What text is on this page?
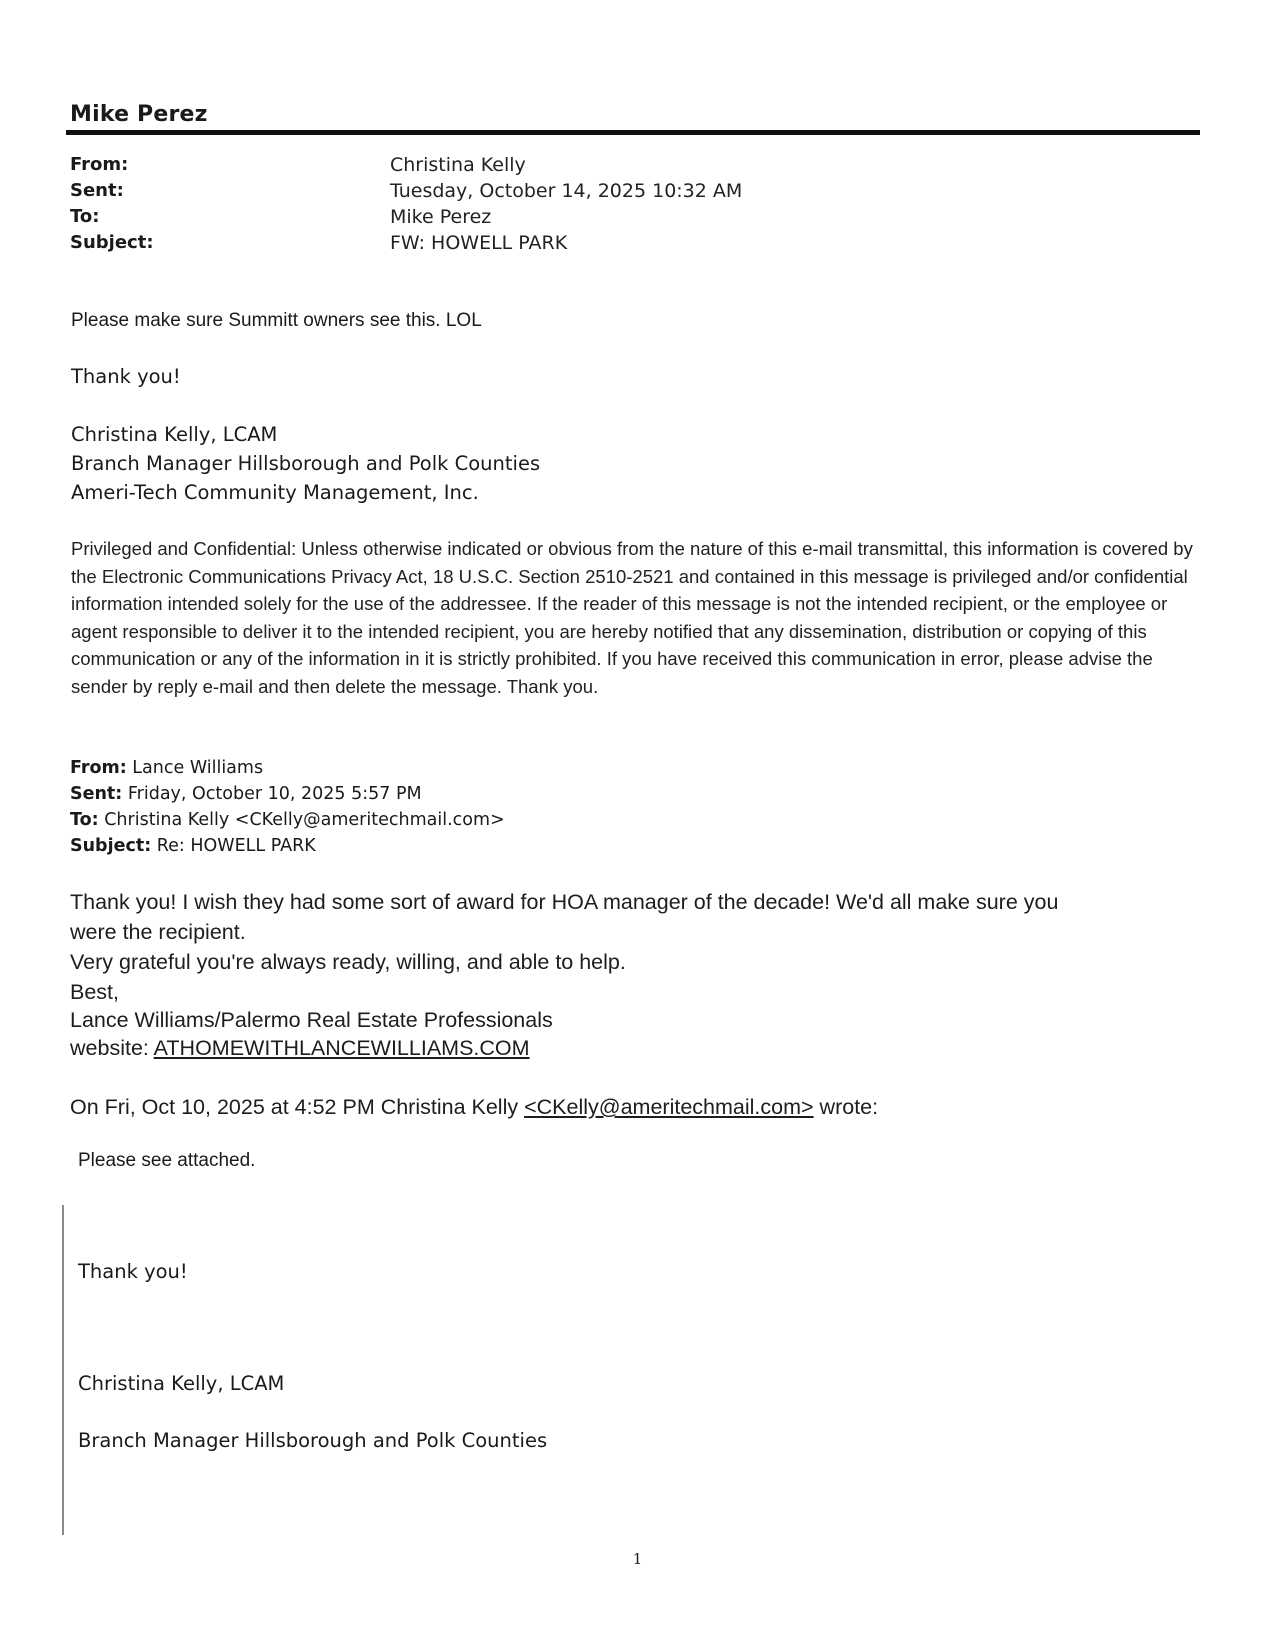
Mike Perez
From:	Christina Kelly
Sent:	Tuesday, October 14, 2025 10:32 AM
To:	Mike Perez
Subject:	FW: HOWELL PARK
Please make sure Summitt owners see this. LOL
Thank you!
Christina Kelly, LCAM
Branch Manager Hillsborough and Polk Counties
Ameri-Tech Community Management, Inc.
Privileged and Confidential: Unless otherwise indicated or obvious from the nature of this e-mail transmittal, this information is covered by the Electronic Communications Privacy Act, 18 U.S.C. Section 2510-2521 and contained in this message is privileged and/or confidential information intended solely for the use of the addressee. If the reader of this message is not the intended recipient, or the employee or agent responsible to deliver it to the intended recipient, you are hereby notified that any dissemination, distribution or copying of this communication or any of the information in it is strictly prohibited. If you have received this communication in error, please advise the sender by reply e-mail and then delete the message. Thank you.
From: Lance Williams
Sent: Friday, October 10, 2025 5:57 PM
To: Christina Kelly <CKelly@ameritechmail.com>
Subject: Re: HOWELL PARK
Thank you! I wish they had some sort of award for HOA manager of the decade! We'd all make sure you
were the recipient.
Very grateful you're always ready, willing, and able to help.
Best,
Lance Williams/Palermo Real Estate Professionals
website: ATHOMEWITHLANCEWILLIAMS.COM
On Fri, Oct 10, 2025 at 4:52 PM Christina Kelly <CKelly@ameritechmail.com> wrote:
Please see attached.
Thank you!
Christina Kelly, LCAM
Branch Manager Hillsborough and Polk Counties
1
